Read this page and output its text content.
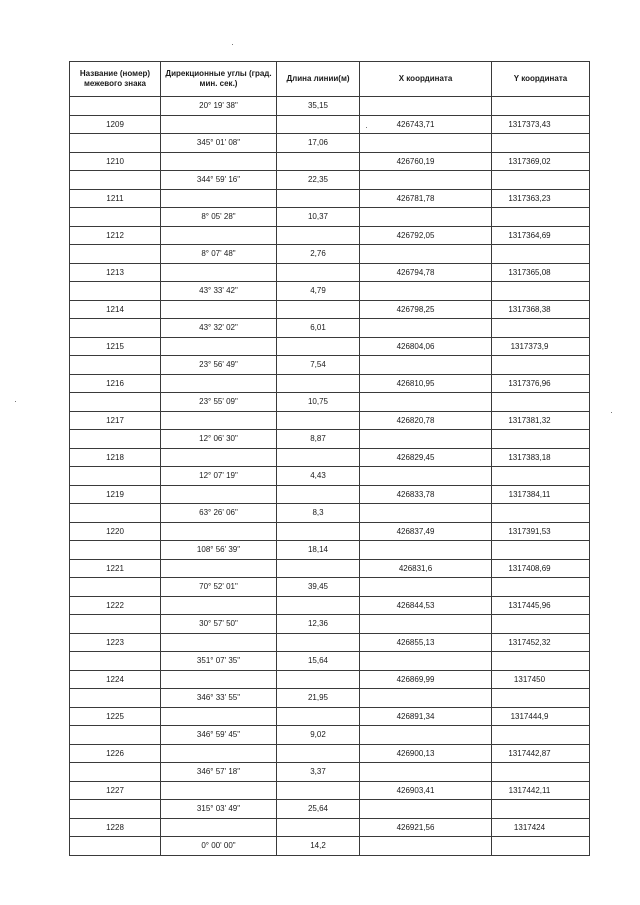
Название (номер) межевого знака	Дирекционные углы (град. мин. сек.)	Длина линии(м)	X координата	Y координата
	20° 19' 38"	35,15		
1209			426743,71	1317373,43
	345° 01' 08"	17,06		
1210			426760,19	1317369,02
	344° 59' 16"	22,35		
1211			426781,78	1317363,23
	8° 05' 28"	10,37		
1212			426792,05	1317364,69
	8° 07' 48"	2,76		
1213			426794,78	1317365,08
	43° 33' 42"	4,79		
1214			426798,25	1317368,38
	43° 32' 02"	6,01		
1215			426804,06	1317373,9
	23° 56' 49"	7,54		
1216			426810,95	1317376,96
	23° 55' 09"	10,75		
1217			426820,78	1317381,32
	12° 06' 30"	8,87		
1218			426829,45	1317383,18
	12° 07' 19"	4,43		
1219			426833,78	1317384,11
	63° 26' 06"	8,3		
1220			426837,49	1317391,53
	108° 56' 39"	18,14		
1221			426831,6	1317408,69
	70° 52' 01"	39,45		
1222			426844,53	1317445,96
	30° 57' 50"	12,36		
1223			426855,13	1317452,32
	351° 07' 35"	15,64		
1224			426869,99	1317450
	346° 33' 55"	21,95		
1225			426891,34	1317444,9
	346° 59' 45"	9,02		
1226			426900,13	1317442,87
	346° 57' 18"	3,37		
1227			426903,41	1317442,11
	315° 03' 49"	25,64		
1228			426921,56	1317424
	0° 00' 00"	14,2		
